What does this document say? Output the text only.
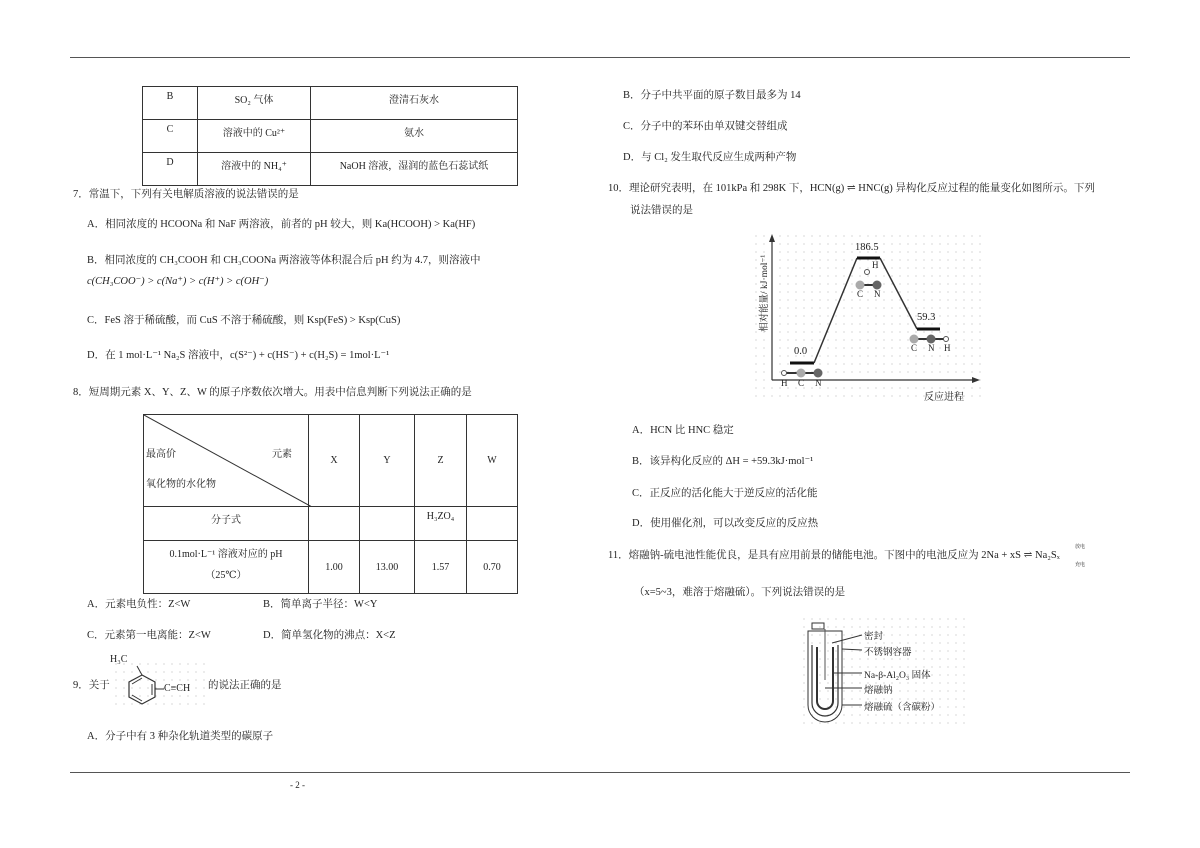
- 2 -
B	SO₂ 气体	澄清石灰水
C	溶液中的 Cu²⁺	氨水
D	溶液中的 NH₄⁺	NaOH 溶液，湿润的蓝色石蕊试纸
7．常温下，下列有关电解质溶液的说法错误的是
A．相同浓度的 HCOONa 和 NaF 两溶液，前者的 pH 较大，则 Ka(HCOOH) > Ka(HF)
B．相同浓度的 CH₃COOH 和 CH₃COONa 两溶液等体积混合后 pH 约为 4.7，则溶液中
c(CH₃COO⁻) > c(Na⁺) > c(H⁺) > c(OH⁻)
C．FeS 溶于稀硫酸，而 CuS 不溶于稀硫酸，则 Ksp(FeS) > Ksp(CuS)
D．在 1 mol·L⁻¹ Na₂S 溶液中，c(S²⁻) + c(HS⁻) + c(H₂S) = 1mol·L⁻¹
8．短周期元素 X、Y、Z、W 的原子序数依次增大。用表中信息判断下列说法正确的是
元素
最高价
氧化物的水化物	X	Y	Z	W
分子式			H₃ZO₄	

0.1mol·L⁻¹ 溶液对应的 pH
（25℃）	1.00	13.00	1.57	0.70
A．元素电负性：Z<W	B．简单离子半径：W<Y
C．元素第一电离能：Z<W	D．简单氢化物的沸点：X<Z
9．关于
H₃C
C≡CH 的说法正确的是
A．分子中有 3 种杂化轨道类型的碳原子
B．分子中共平面的原子数目最多为 14
C．分子中的苯环由单双键交替组成
D．与 Cl₂ 发生取代反应生成两种产物
10．理论研究表明，在 101kPa 和 298K 下，HCN(g) ⇌ HNC(g) 异构化反应过程的能量变化如图所示。下列
说法错误的是
相对能量/ kJ·mol⁻¹
反应进程
0.0
186.5
59.3
H C N
C N
H
C N H
A．HCN 比 HNC 稳定
B．该异构化反应的 ΔH = +59.3kJ·mol⁻¹
C．正反应的活化能大于逆反应的活化能
D．使用催化剂，可以改变反应的反应热
11．熔融钠-硫电池性能优良，是具有应用前景的储能电池。下图中的电池反应为 2Na + xS ⇌ Na₂Sₓ
放电
充电
（x=5~3，难溶于熔融硫）。下列说法错误的是
密封
不锈钢容器
Na-β-Al₂O₃ 固体
熔融钠
熔融硫（含碳粉）
